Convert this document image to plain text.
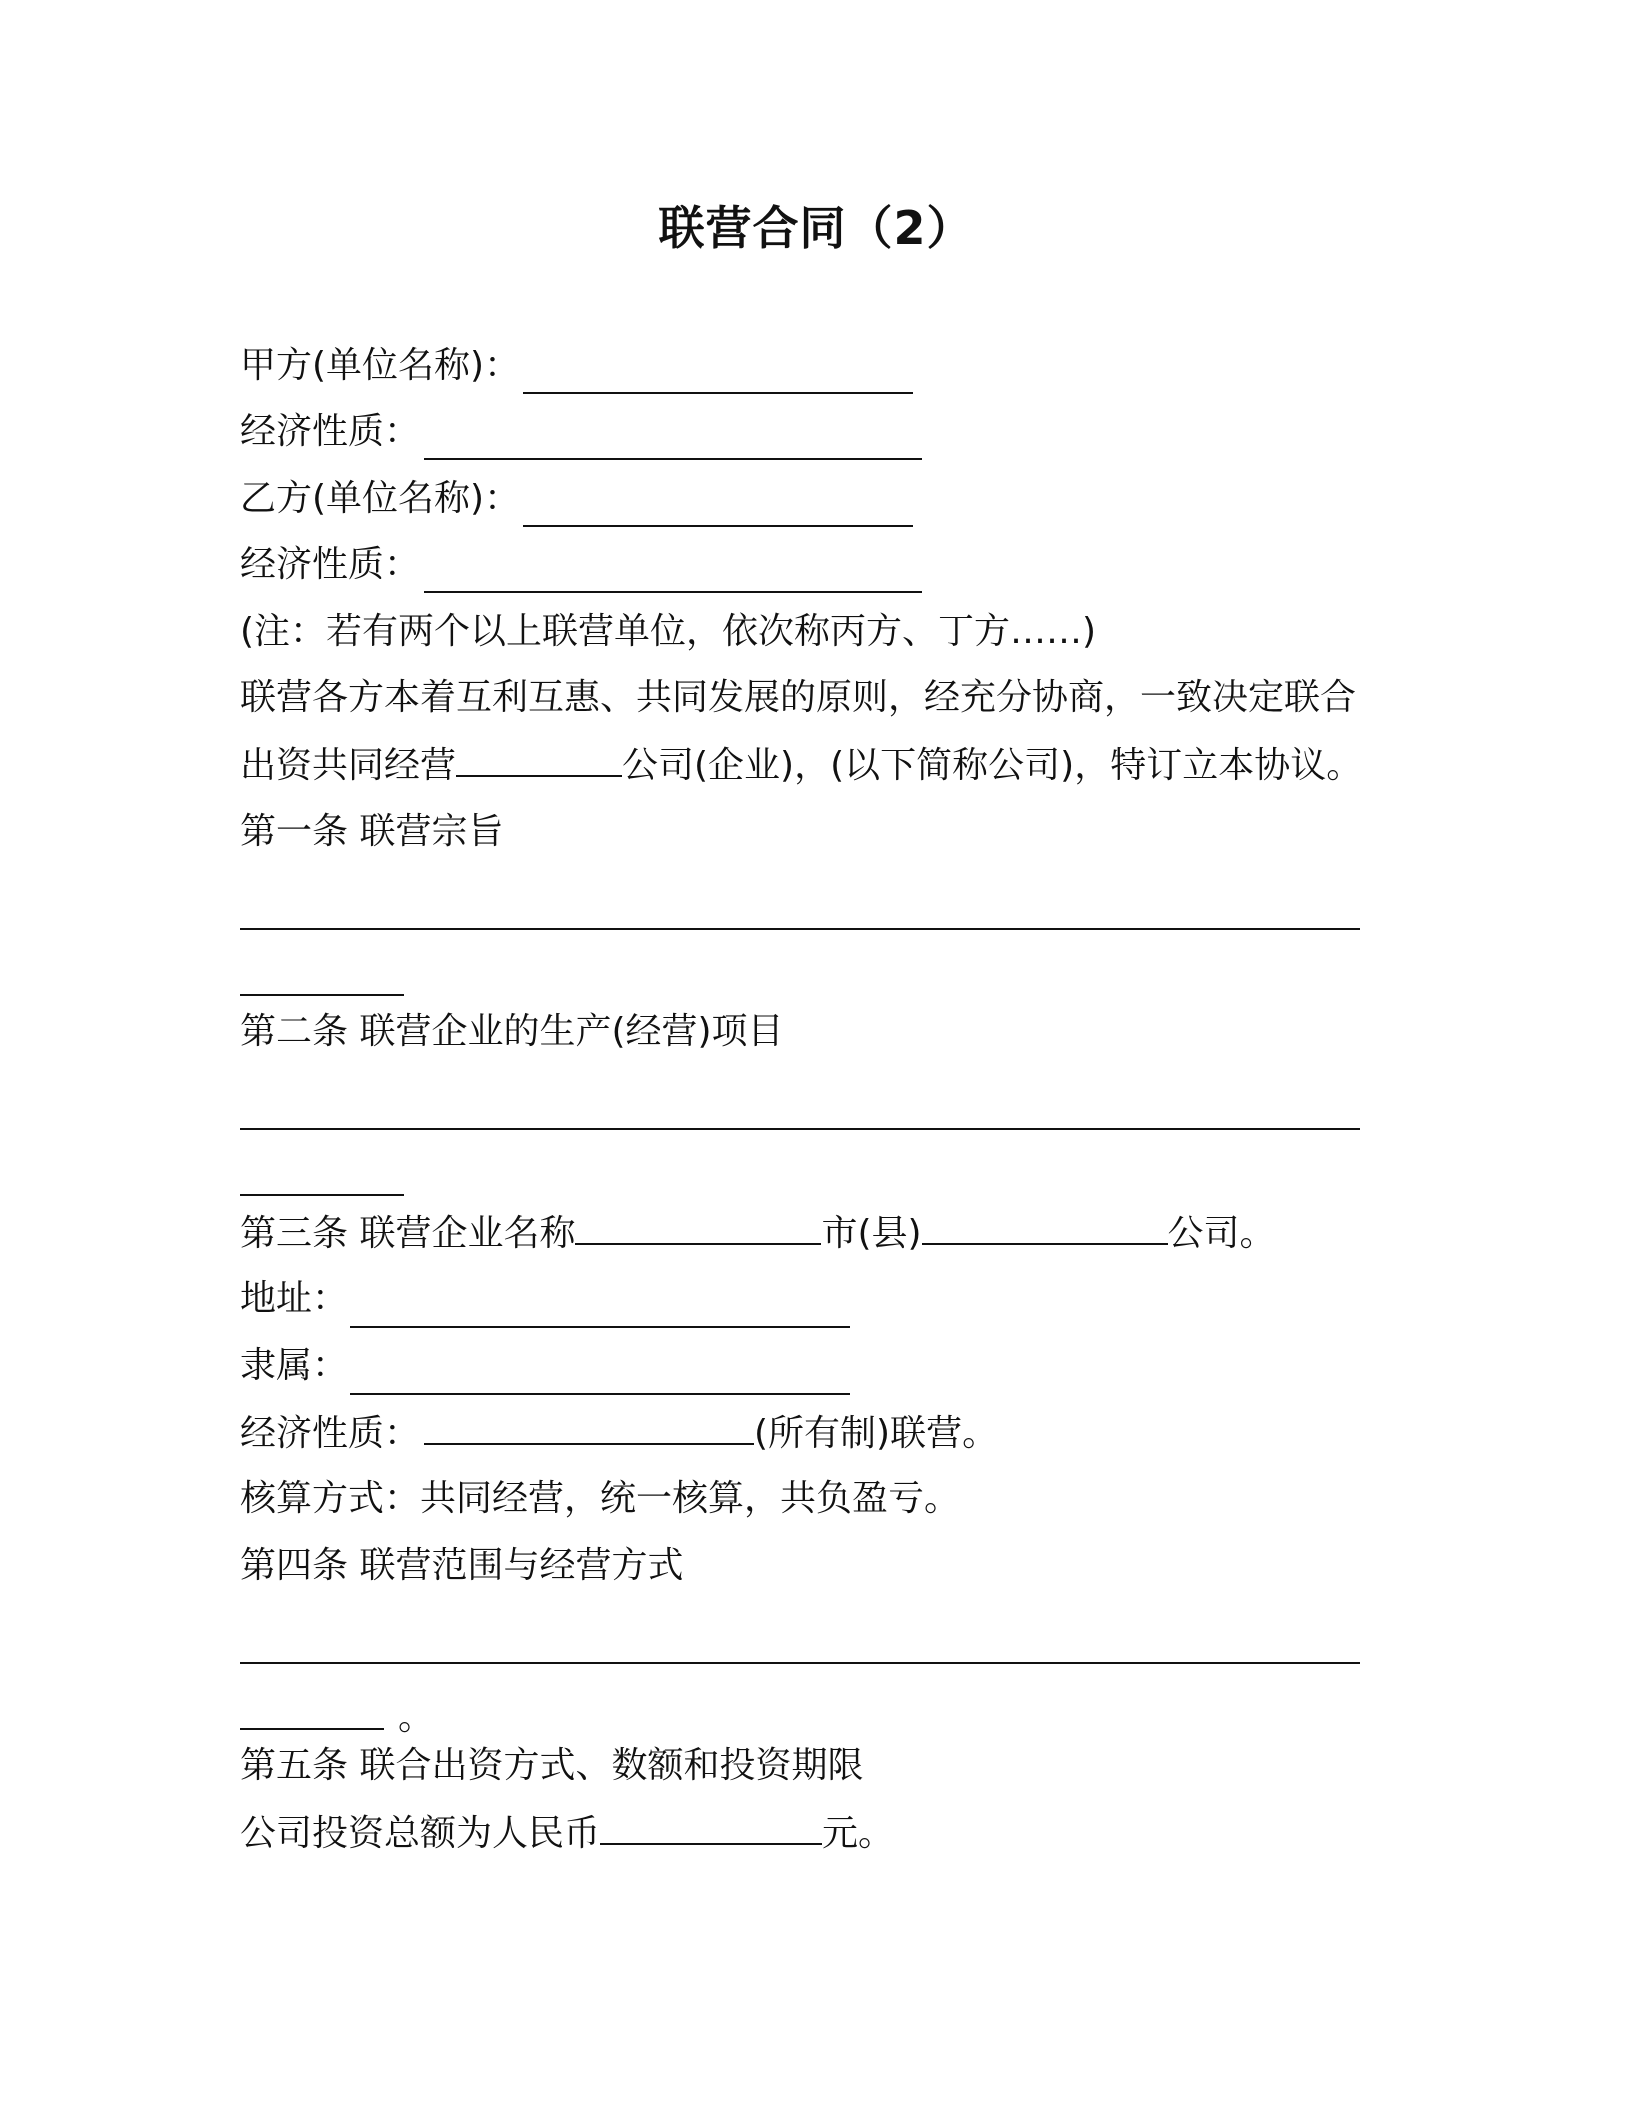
联营合同（2）
甲方(单位名称)：
经济性质：
乙方(单位名称)：
经济性质：
(注：若有两个以上联营单位，依次称丙方、丁方……)
联营各方本着互利互惠、共同发展的原则，经充分协商，一致决定联合
出资共同经营	公司(企业)，(以下简称公司)，特订立本协议。
第一条 联营宗旨
第二条 联营企业的生产(经营)项目
第三条 联营企业名称	市(县)	公司。
地址：
隶属：
经济性质：	(所有制)联营。
核算方式：共同经营，统一核算，共负盈亏。
第四条 联营范围与经营方式
。
第五条 联合出资方式、数额和投资期限
公司投资总额为人民币	元。
